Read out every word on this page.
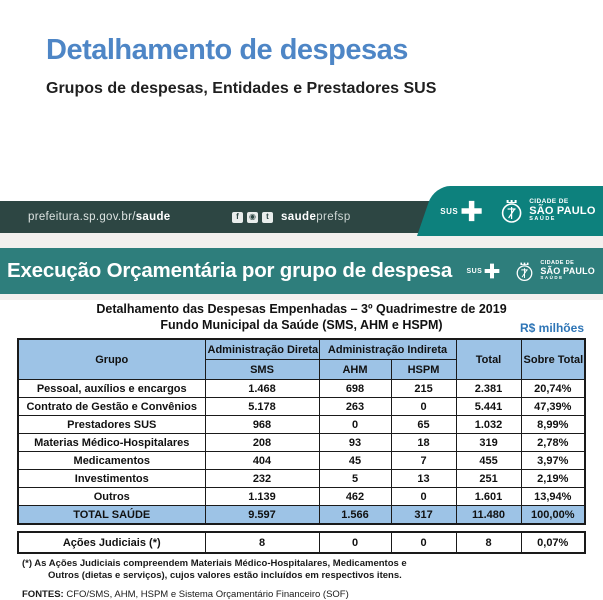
Detalhamento de despesas
Grupos de despesas, Entidades e Prestadores SUS
prefeitura.sp.gov.br/saude	f	◉	t	saudeprefsp	SUS
CIDADE DE
SÃO PAULO
SAÚDE
Execução Orçamentária por grupo de despesa SUS
CIDADE DE
SÃO PAULO
SAÚDE
Detalhamento das Despesas Empenhadas – 3º Quadrimestre de 2019
Fundo Municipal da Saúde (SMS, AHM e HSPM)	R$ milhões
Grupo	Administração Direta	Administração Indireta		Total	Sobre Total
	SMS	AHM	HSPM		
Pessoal, auxílios e encargos	1.468	698	215	2.381	20,74%
Contrato de Gestão e Convênios	5.178	263	0	5.441	47,39%
Prestadores SUS	968	0	65	1.032	8,99%
Materias Médico-Hospitalares	208	93	18	319	2,78%
Medicamentos	404	45	7	455	3,97%
Investimentos	232	5	13	251	2,19%
Outros	1.139	462	0	1.601	13,94%
TOTAL SAÚDE	9.597	1.566	317	11.480	100,00%
Ações Judiciais (*)	8	0	0	8	0,07%
(*) As Ações Judiciais compreendem Materiais Médico-Hospitalares, Medicamentos e
Outros (dietas e serviços), cujos valores estão incluídos em respectivos itens.
FONTES: CFO/SMS, AHM, HSPM e Sistema Orçamentário Financeiro (SOF)
